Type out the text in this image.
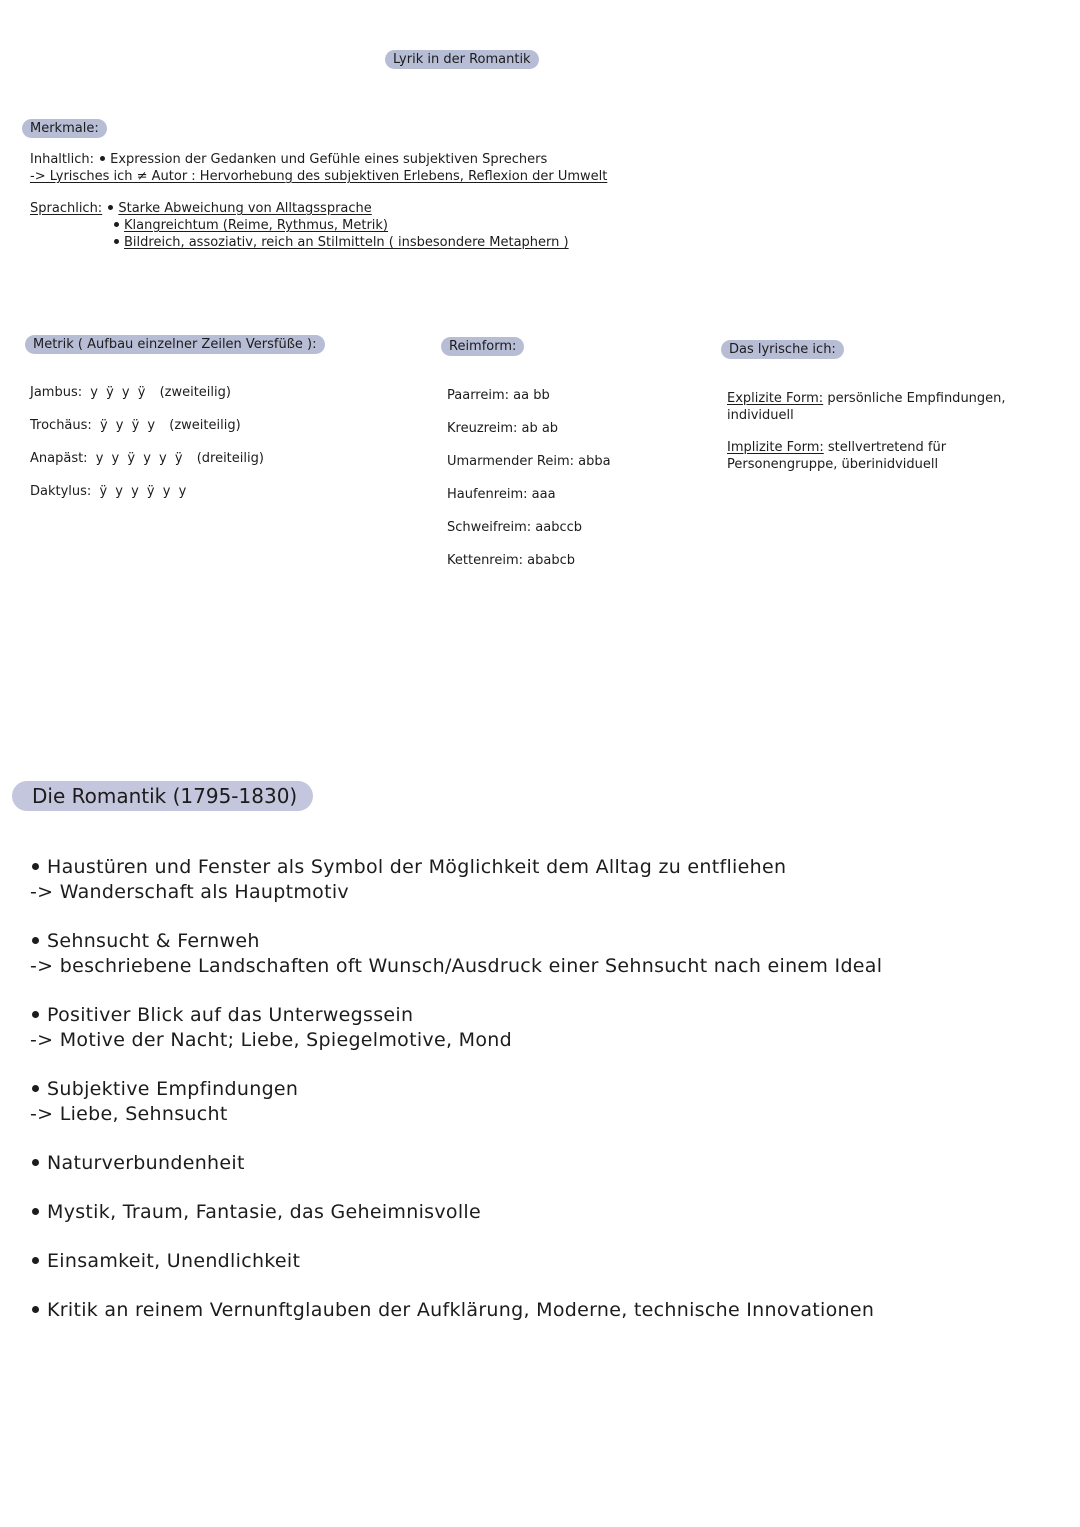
Lyrik in der Romantik
Merkmale:
Inhaltlich: Expression der Gedanken und Gefühle eines subjektiven Sprechers
-> Lyrisches ich ≠ Autor : Hervorhebung des subjektiven Erlebens, Reflexion der Umwelt
Sprachlich: Starke Abweichung von Alltagssprache
Klangreichtum (Reime, Rythmus, Metrik)
Bildreich, assoziativ, reich an Stilmitteln ( insbesondere Metaphern )
Metrik ( Aufbau einzelner Zeilen Versfüße ):
Jambus: y ÿ y ÿ (zweiteilig)
Trochäus: ÿ y ÿ y (zweiteilig)
Anapäst: y y ÿ y y ÿ (dreiteilig)
Daktylus: ÿ y y ÿ y y
Reimform:
Paarreim: aa bb
Kreuzreim: ab ab
Umarmender Reim: abba
Haufenreim: aaa
Schweifreim: aabccb
Kettenreim: ababcb
Das lyrische ich:
Explizite Form: persönliche Empfindungen,
individuell
Implizite Form: stellvertretend für
Personengruppe, überinidviduell
Die Romantik (1795-1830)
Haustüren und Fenster als Symbol der Möglichkeit dem Alltag zu entfliehen
-> Wanderschaft als Hauptmotiv
Sehnsucht & Fernweh
-> beschriebene Landschaften oft Wunsch/Ausdruck einer Sehnsucht nach einem Ideal
Positiver Blick auf das Unterwegssein
-> Motive der Nacht; Liebe, Spiegelmotive, Mond
Subjektive Empfindungen
-> Liebe, Sehnsucht
Naturverbundenheit
Mystik, Traum, Fantasie, das Geheimnisvolle
Einsamkeit, Unendlichkeit
Kritik an reinem Vernunftglauben der Aufklärung, Moderne, technische Innovationen
